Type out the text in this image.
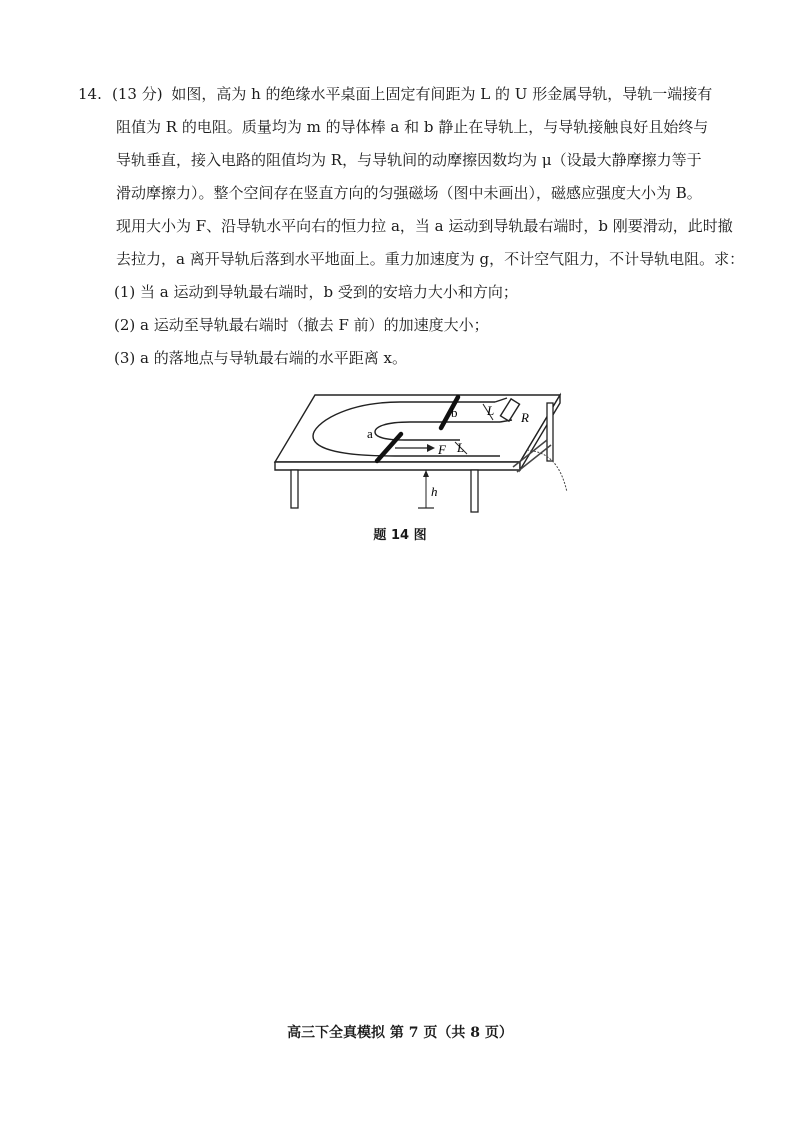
14. (13 分) 如图，高为 h 的绝缘水平桌面上固定有间距为 L 的 U 形金属导轨，导轨一端接有
阻值为 R 的电阻。质量均为 m 的导体棒 a 和 b 静止在导轨上，与导轨接触良好且始终与
导轨垂直，接入电路的阻值均为 R，与导轨间的动摩擦因数均为 μ（设最大静摩擦力等于
滑动摩擦力）。整个空间存在竖直方向的匀强磁场（图中未画出），磁感应强度大小为 B。
现用大小为 F、沿导轨水平向右的恒力拉 a，当 a 运动到导轨最右端时，b 刚要滑动，此时撤
去拉力，a 离开导轨后落到水平地面上。重力加速度为 g，不计空气阻力，不计导轨电阻。求：
(1) 当 a 运动到导轨最右端时，b 受到的安培力大小和方向；
(2) a 运动至导轨最右端时（撤去 F 前）的加速度大小；
(3) a 的落地点与导轨最右端的水平距离 x。
a
b
F
R
L
L
h
题 14 图
高三下全真模拟 第 7 页（共 8 页）
